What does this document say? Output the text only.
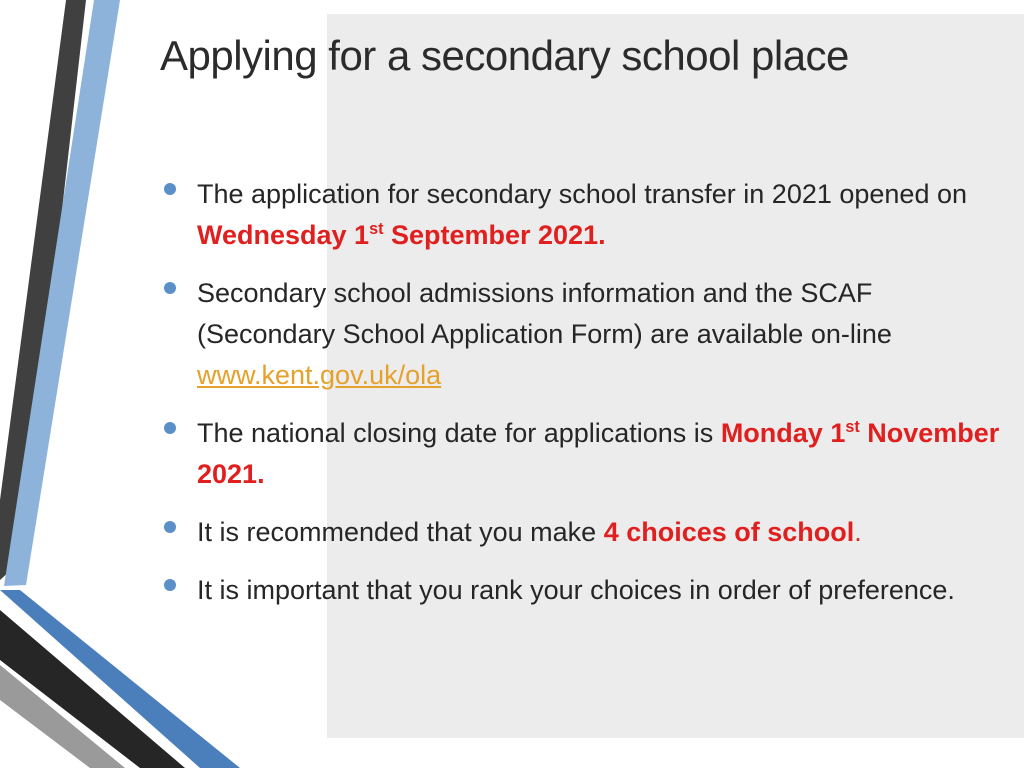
Applying for a secondary school place
The application for secondary school transfer in 2021 opened on Wednesday 1st September 2021.
Secondary school admissions information and the SCAF (Secondary School Application Form) are available on-line www.kent.gov.uk/ola
The national closing date for applications is Monday 1st November 2021.
It is recommended that you make 4 choices of school.
It is important that you rank your choices in order of preference.
